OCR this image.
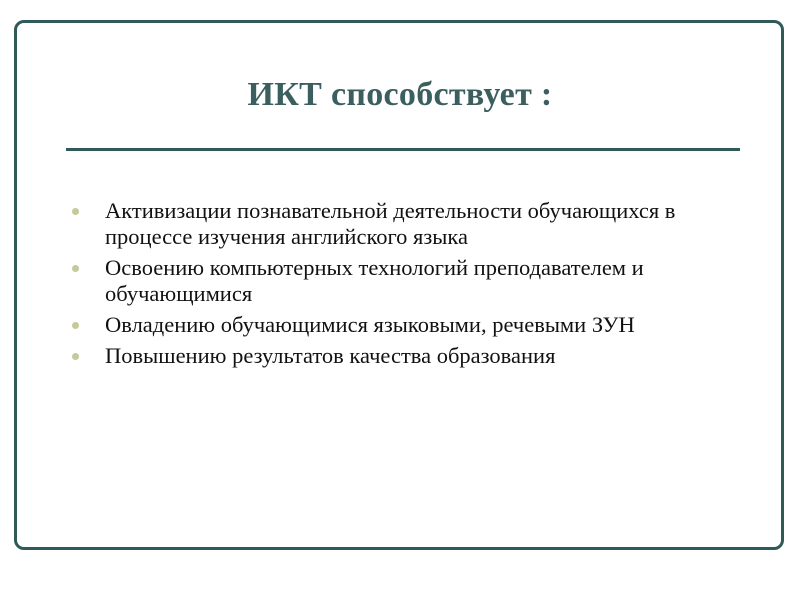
ИКТ способствует :
Активизации познавательной деятельности обучающихся в процессе изучения английского языка
Освоению компьютерных технологий преподавателем и обучающимися
Овладению обучающимися языковыми, речевыми ЗУН
Повышению результатов качества образования
